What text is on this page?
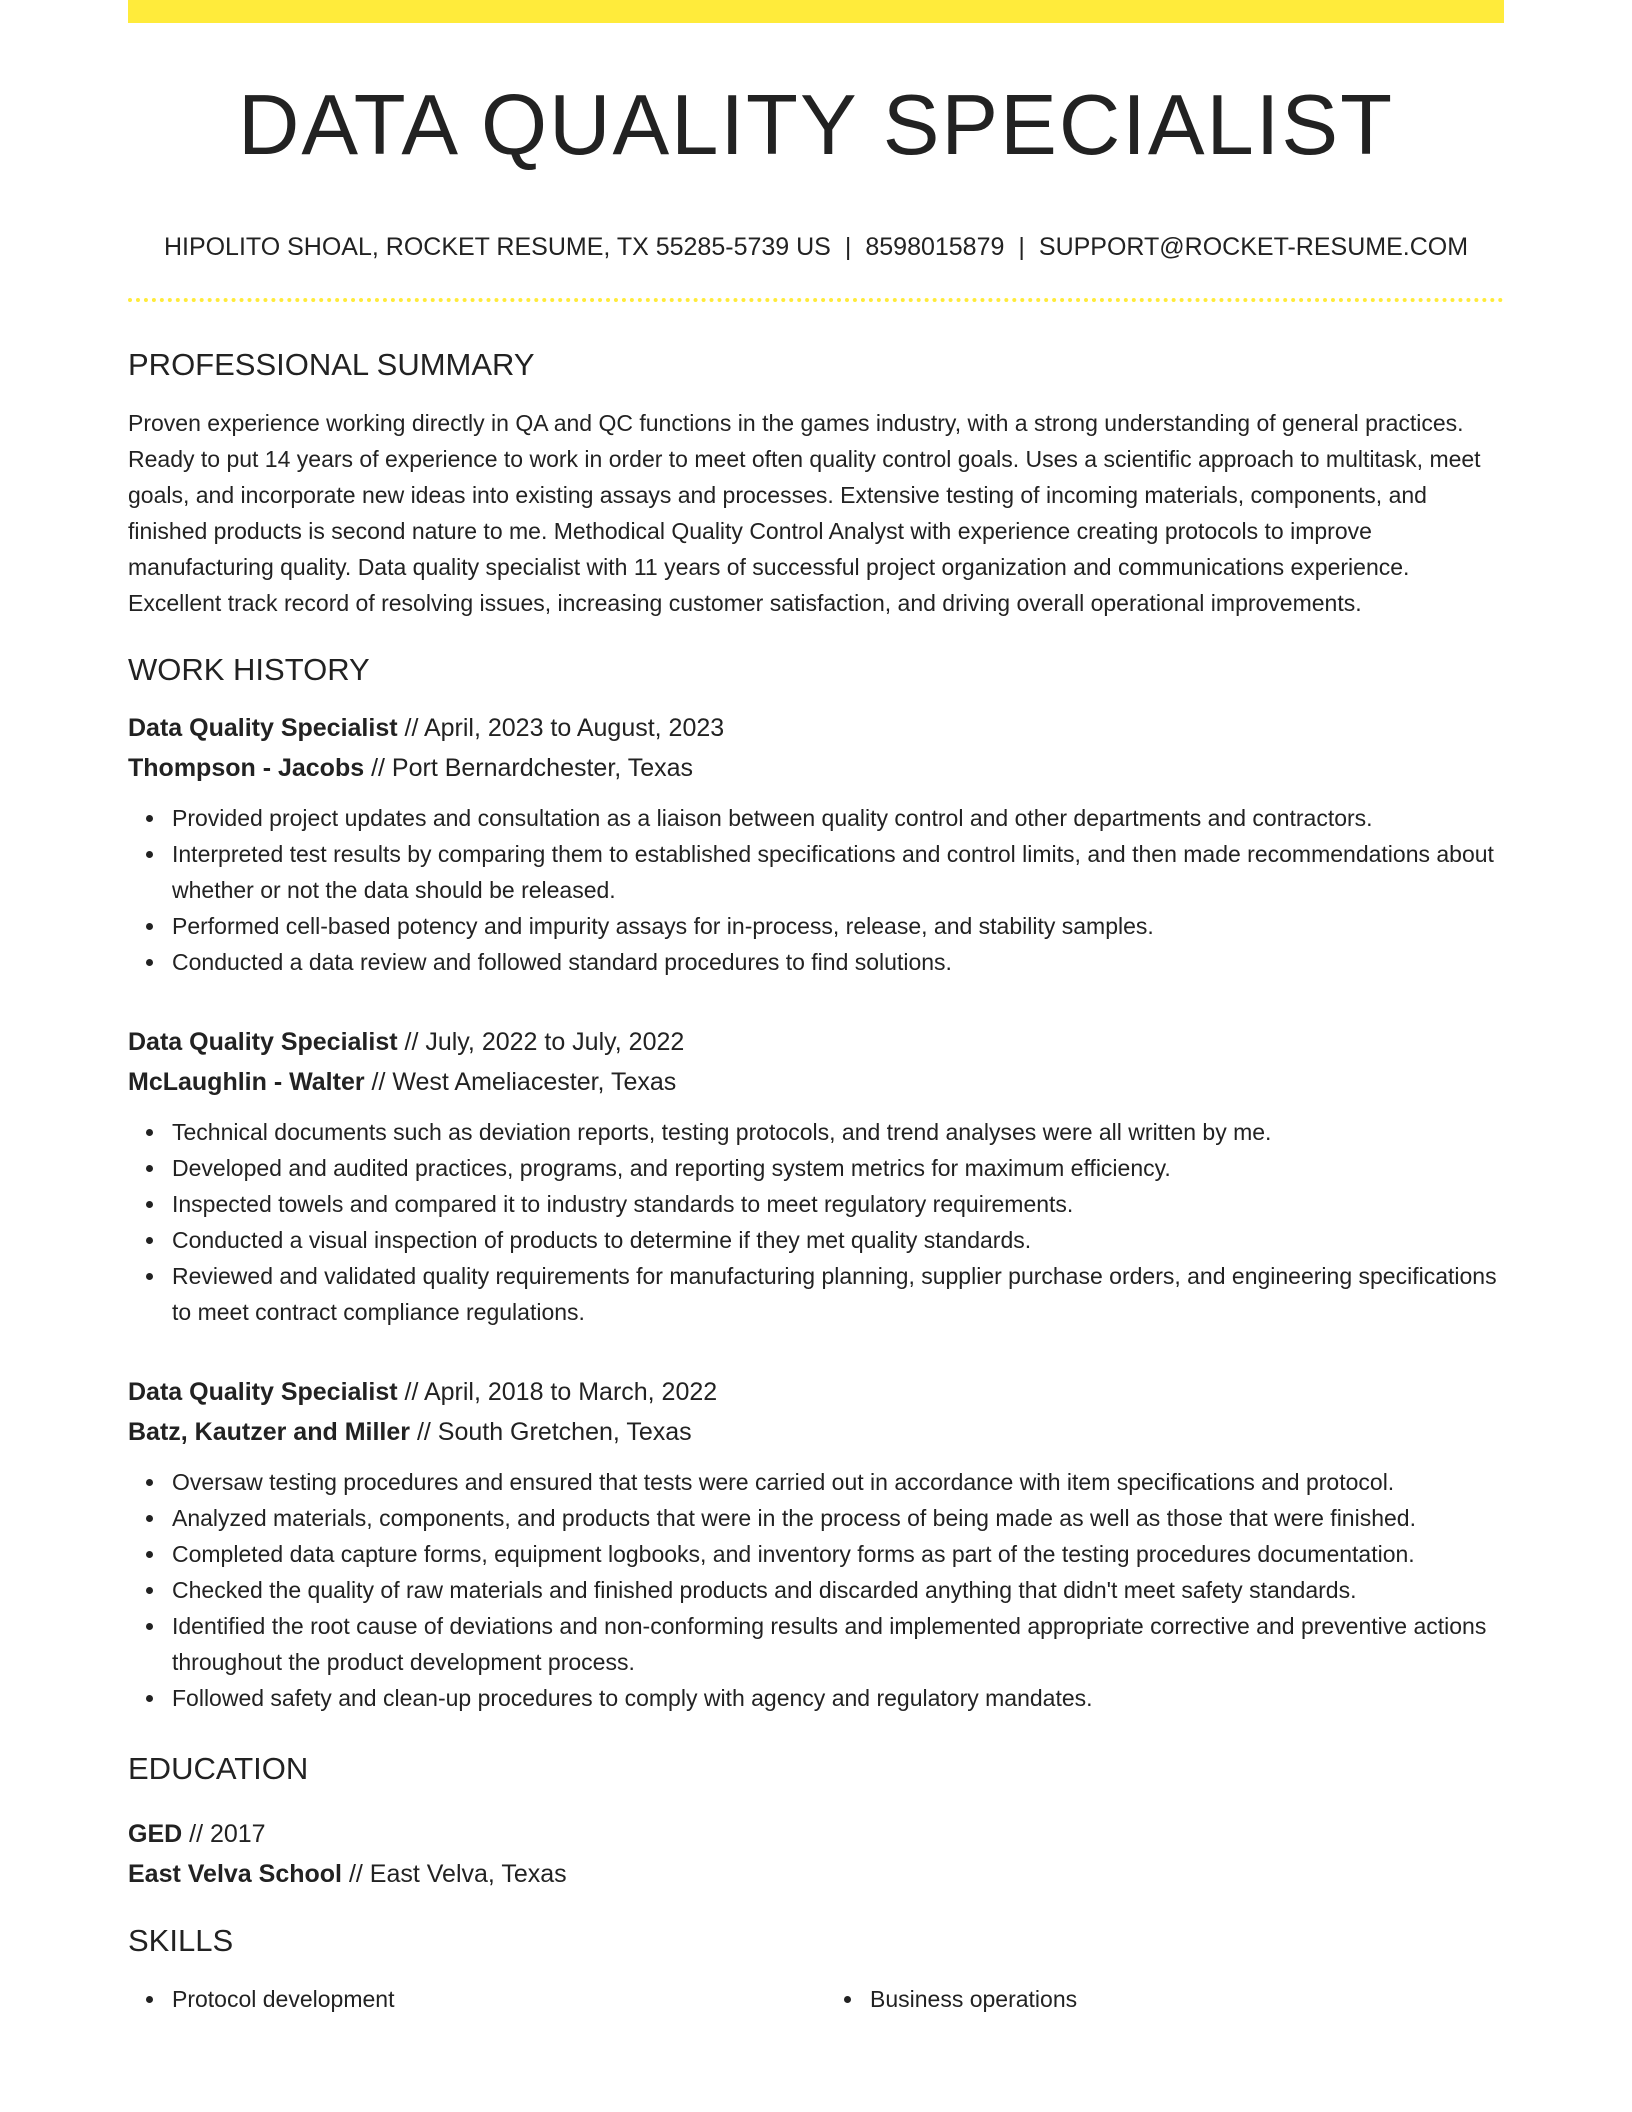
DATA QUALITY SPECIALIST
HIPOLITO SHOAL, ROCKET RESUME, TX 55285-5739 US | 8598015879 | SUPPORT@ROCKET-RESUME.COM
PROFESSIONAL SUMMARY

Proven experience working directly in QA and QC functions in the games industry, with a strong understanding of general practices. Ready to put 14 years of experience to work in order to meet often quality control goals. Uses a scientific approach to multitask, meet goals, and incorporate new ideas into existing assays and processes. Extensive testing of incoming materials, components, and finished products is second nature to me. Methodical Quality Control Analyst with experience creating protocols to improve manufacturing quality. Data quality specialist with 11 years of successful project organization and communications experience. Excellent track record of resolving issues, increasing customer satisfaction, and driving overall operational improvements.

WORK HISTORY
Data Quality Specialist // April, 2023 to August, 2023
Thompson - Jacobs // Port Bernardchester, Texas
Provided project updates and consultation as a liaison between quality control and other departments and contractors.
Interpreted test results by comparing them to established specifications and control limits, and then made recommendations about whether or not the data should be released.
Performed cell-based potency and impurity assays for in-process, release, and stability samples.
Conducted a data review and followed standard procedures to find solutions.
Data Quality Specialist // July, 2022 to July, 2022
McLaughlin - Walter // West Ameliacester, Texas
Technical documents such as deviation reports, testing protocols, and trend analyses were all written by me.
Developed and audited practices, programs, and reporting system metrics for maximum efficiency.
Inspected towels and compared it to industry standards to meet regulatory requirements.
Conducted a visual inspection of products to determine if they met quality standards.
Reviewed and validated quality requirements for manufacturing planning, supplier purchase orders, and engineering specifications to meet contract compliance regulations.
Data Quality Specialist // April, 2018 to March, 2022
Batz, Kautzer and Miller // South Gretchen, Texas
Oversaw testing procedures and ensured that tests were carried out in accordance with item specifications and protocol.
Analyzed materials, components, and products that were in the process of being made as well as those that were finished.
Completed data capture forms, equipment logbooks, and inventory forms as part of the testing procedures documentation.
Checked the quality of raw materials and finished products and discarded anything that didn't meet safety standards.
Identified the root cause of deviations and non-conforming results and implemented appropriate corrective and preventive actions throughout the product development process.
Followed safety and clean-up procedures to comply with agency and regulatory mandates.
EDUCATION
GED // 2017
East Velva School // East Velva, Texas
SKILLS
Protocol development	Business operations
